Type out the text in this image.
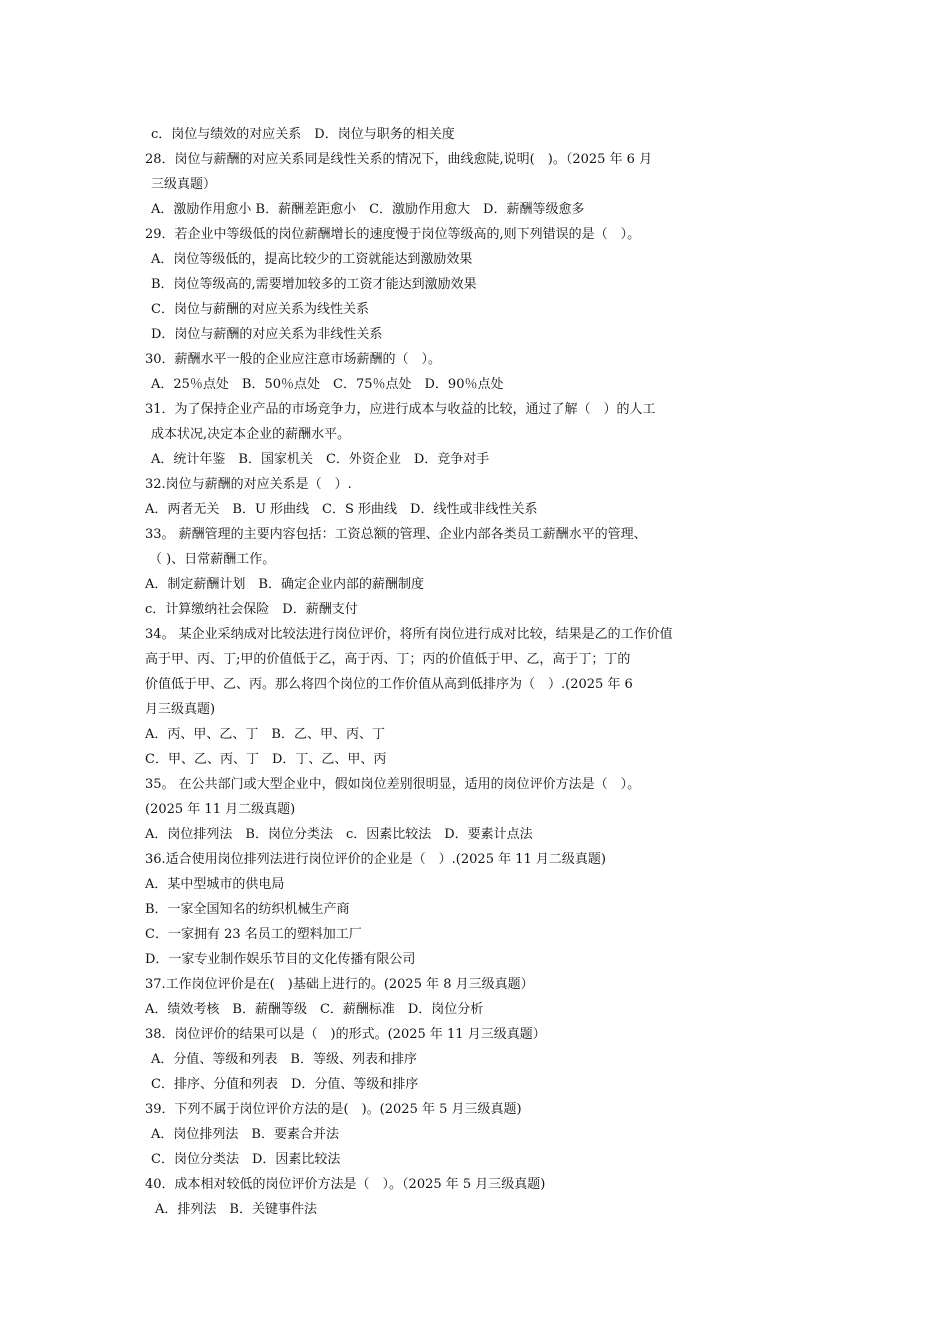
c．岗位与绩效的对应关系　D．岗位与职务的相关度
28．岗位与薪酬的对应关系同是线性关系的情况下，曲线愈陡,说明(　)。（2025 年 6 月
三级真题）
A．激励作用愈小 B．薪酬差距愈小　C．激励作用愈大　D．薪酬等级愈多
29．若企业中等级低的岗位薪酬增长的速度慢于岗位等级高的,则下列错误的是（　）。
A．岗位等级低的，提高比较少的工资就能达到激励效果
B．岗位等级高的,需要增加较多的工资才能达到激励效果
C．岗位与薪酬的对应关系为线性关系
D．岗位与薪酬的对应关系为非线性关系
30．薪酬水平一般的企业应注意市场薪酬的（　）。
A．25％点处　B．50％点处　C．75％点处　D．90％点处
31．为了保持企业产品的市场竞争力，应进行成本与收益的比较，通过了解（　）的人工
成本状况,决定本企业的薪酬水平。
A．统计年鉴　B．国家机关　C．外资企业　D．竞争对手
32.岗位与薪酬的对应关系是（　）.
A．两者无关　B．U 形曲线　C．S 形曲线　D．线性或非线性关系
33。 薪酬管理的主要内容包括：工资总额的管理、企业内部各类员工薪酬水平的管理、
（ )、日常薪酬工作。
A．制定薪酬计划　B．确定企业内部的薪酬制度
c．计算缴纳社会保险　D．薪酬支付
34。 某企业采纳成对比较法进行岗位评价，将所有岗位进行成对比较，结果是乙的工作价值
高于甲、丙、丁;甲的价值低于乙，高于丙、丁；丙的价值低于甲、乙，高于丁；丁的
价值低于甲、乙、丙。那么将四个岗位的工作价值从高到低排序为（　）.(2025 年 6
月三级真题)
A．丙、甲、乙、丁　B．乙、甲、丙、丁
C．甲、乙、丙、丁　D．丁、乙、甲、丙
35。 在公共部门或大型企业中，假如岗位差别很明显，适用的岗位评价方法是（　）。
(2025 年 11 月二级真题)
A．岗位排列法　B．岗位分类法　c．因素比较法　D．要素计点法
36.适合使用岗位排列法进行岗位评价的企业是（　）.(2025 年 11 月二级真题)
A．某中型城市的供电局
B．一家全国知名的纺织机械生产商
C．一家拥有 23 名员工的塑料加工厂
D．一家专业制作娱乐节目的文化传播有限公司
37.工作岗位评价是在(　)基础上进行的。(2025 年 8 月三级真题）
A．绩效考核　B．薪酬等级　C．薪酬标准　D．岗位分析
38．岗位评价的结果可以是（　)的形式。(2025 年 11 月三级真题）
A．分值、等级和列表　B．等级、列表和排序
C．排序、分值和列表　D．分值、等级和排序
39．下列不属于岗位评价方法的是(　)。(2025 年 5 月三级真题)
A．岗位排列法　B．要素合并法
C．岗位分类法　D．因素比较法
40．成本相对较低的岗位评价方法是（　）。（2025 年 5 月三级真题)
A．排列法　B．关键事件法
